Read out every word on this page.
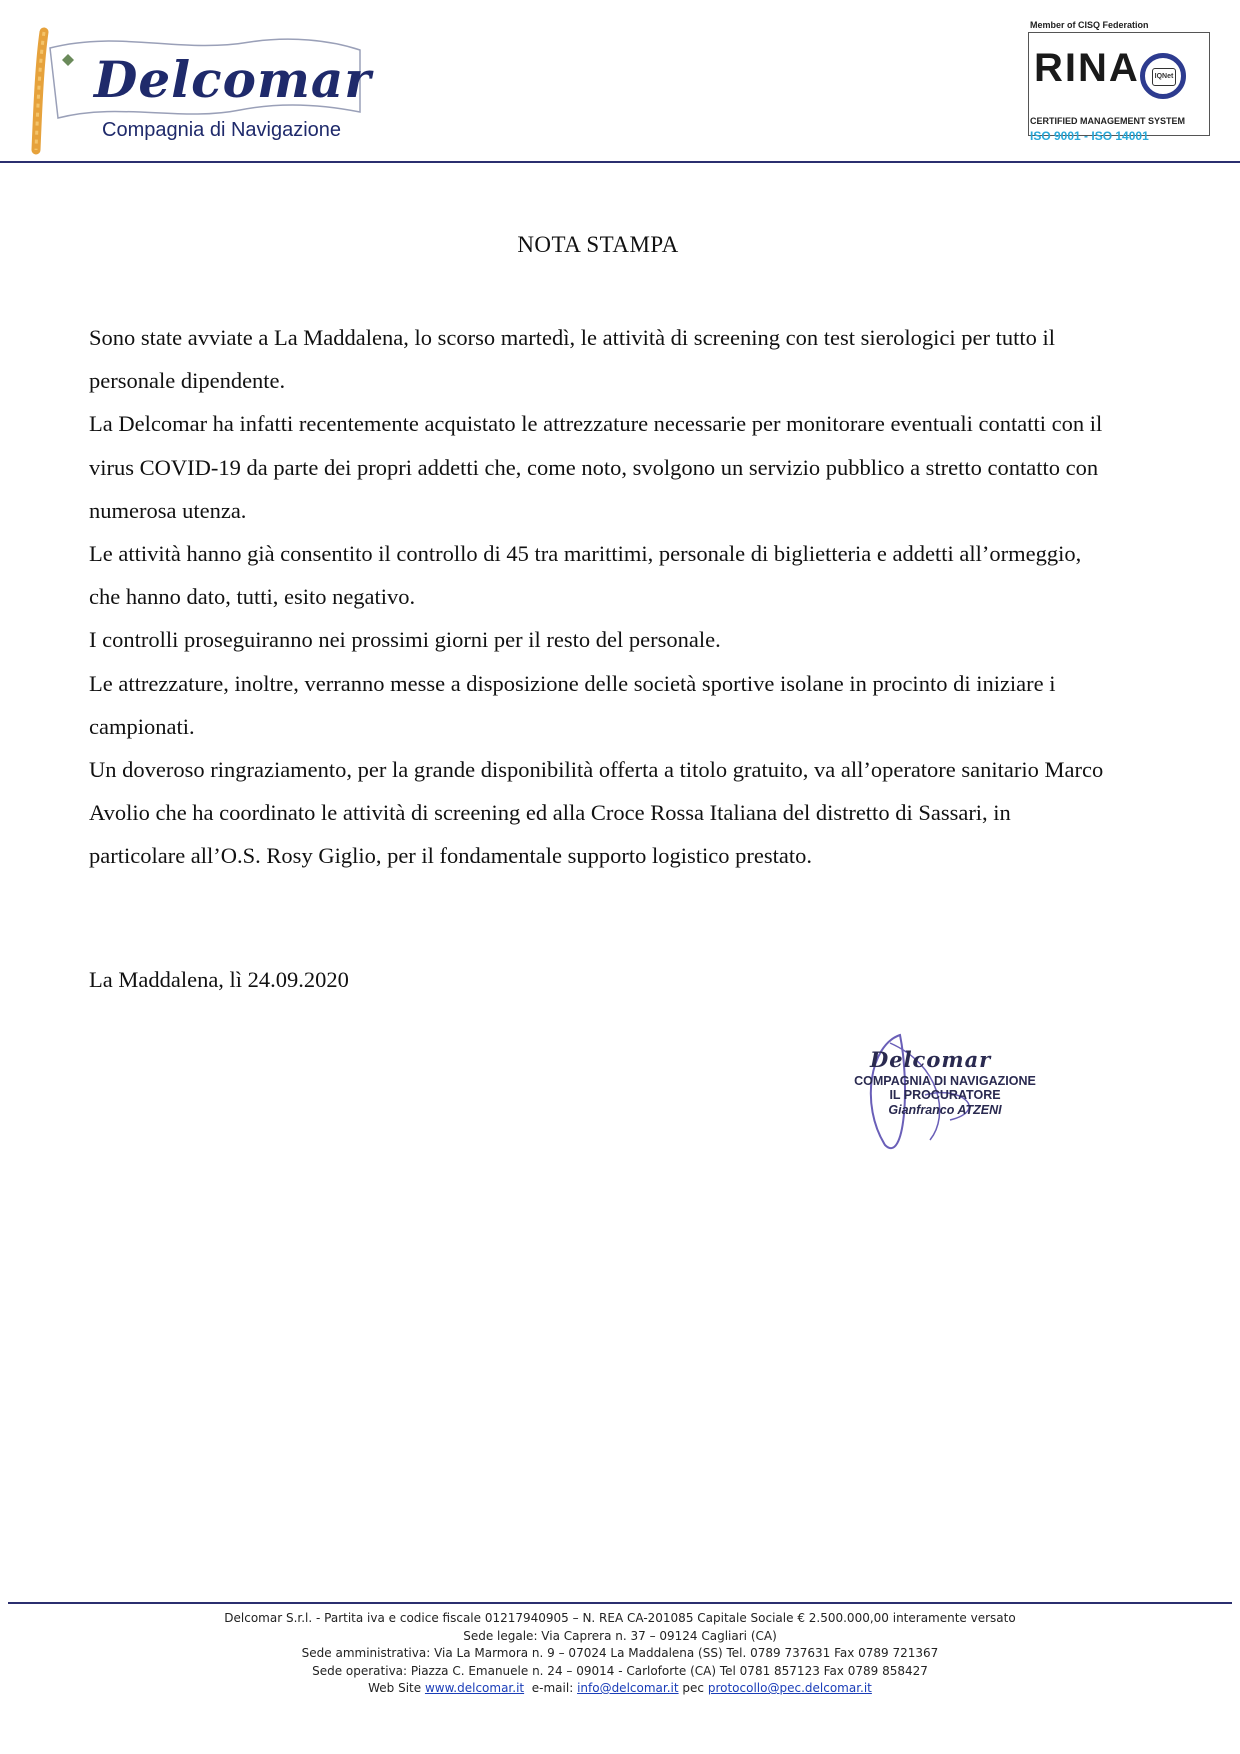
Delcomar
Compagnia di Navigazione
Member of CISQ Federation
RINA	IQNet
CERTIFIED MANAGEMENT SYSTEM
ISO 9001 - ISO 14001
NOTA STAMPA

Sono state avviate a La Maddalena, lo scorso martedì, le attività di screening con test sierologici per tutto il personale dipendente.

La Delcomar ha infatti recentemente acquistato le attrezzature necessarie per monitorare eventuali contatti con il virus COVID-19 da parte dei propri addetti che, come noto, svolgono un servizio pubblico a stretto contatto con numerosa utenza.

Le attività hanno già consentito il controllo di 45 tra marittimi, personale di biglietteria e addetti all’ormeggio, che hanno dato, tutti, esito negativo.

I controlli proseguiranno nei prossimi giorni per il resto del personale.

Le attrezzature, inoltre, verranno messe a disposizione delle società sportive isolane in procinto di iniziare i campionati.

Un doveroso ringraziamento, per la grande disponibilità offerta a titolo gratuito, va all’operatore sanitario Marco Avolio che ha coordinato le attività di screening ed alla Croce Rossa Italiana del distretto di Sassari, in particolare all’O.S. Rosy Giglio, per il fondamentale supporto logistico prestato.

La Maddalena, lì 24.09.2020
Delcomar
COMPAGNIA DI NAVIGAZIONE
IL PROCURATORE
Gianfranco ATZENI
Delcomar S.r.l. - Partita iva e codice fiscale 01217940905 – N. REA CA-201085 Capitale Sociale € 2.500.000,00 interamente versato
Sede legale: Via Caprera n. 37 – 09124 Cagliari (CA)
Sede amministrativa: Via La Marmora n. 9 – 07024 La Maddalena (SS) Tel. 0789 737631 Fax 0789 721367
Sede operativa: Piazza C. Emanuele n. 24 – 09014 - Carloforte (CA) Tel 0781 857123 Fax 0789 858427
Web Site www.delcomar.it e-mail: info@delcomar.it pec protocollo@pec.delcomar.it
